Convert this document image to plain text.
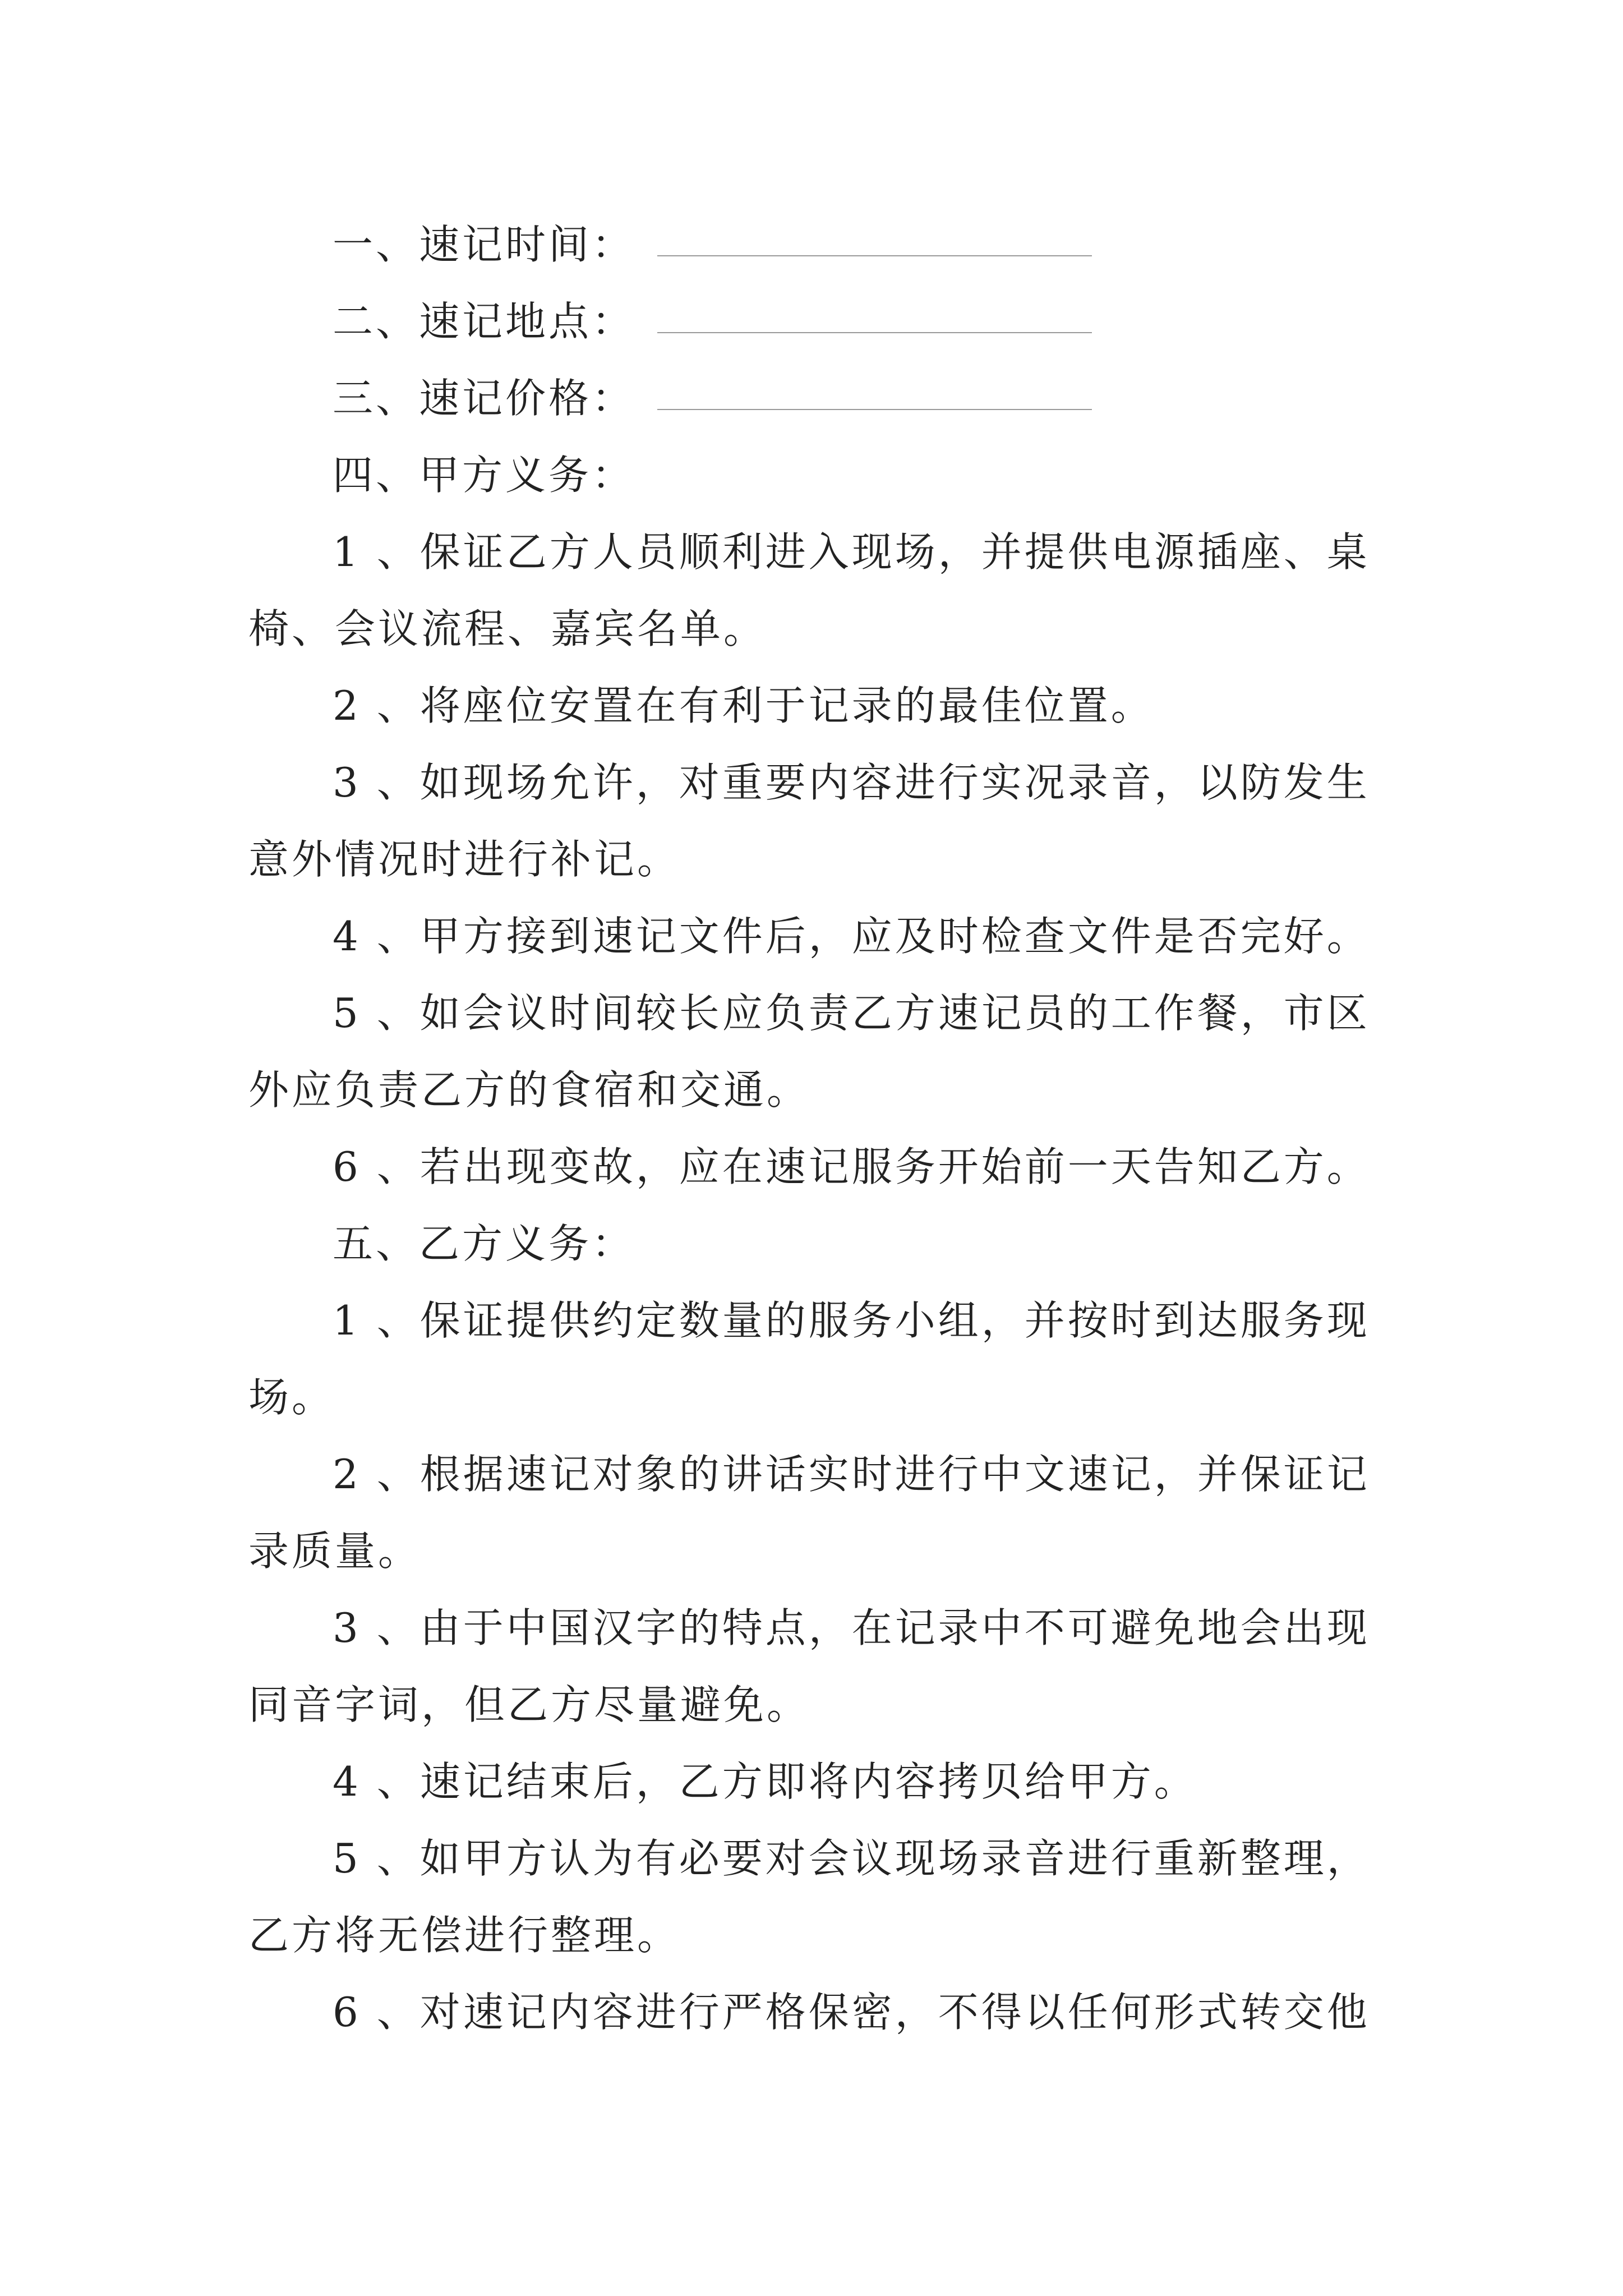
一、速记时间：
二、速记地点：
三、速记价格：
四、甲方义务：
1 、保证乙方人员顺利进入现场，并提供电源插座、桌
椅、会议流程、嘉宾名单。
2 、将座位安置在有利于记录的最佳位置。
3 、如现场允许，对重要内容进行实况录音，以防发生
意外情况时进行补记。
4 、甲方接到速记文件后，应及时检查文件是否完好。
5 、如会议时间较长应负责乙方速记员的工作餐，市区
外应负责乙方的食宿和交通。
6 、若出现变故，应在速记服务开始前一天告知乙方。
五、乙方义务：
1 、保证提供约定数量的服务小组，并按时到达服务现
场。
2 、根据速记对象的讲话实时进行中文速记，并保证记
录质量。
3 、由于中国汉字的特点，在记录中不可避免地会出现
同音字词，但乙方尽量避免。
4 、速记结束后，乙方即将内容拷贝给甲方。
5 、如甲方认为有必要对会议现场录音进行重新整理，
乙方将无偿进行整理。
6 、对速记内容进行严格保密，不得以任何形式转交他
